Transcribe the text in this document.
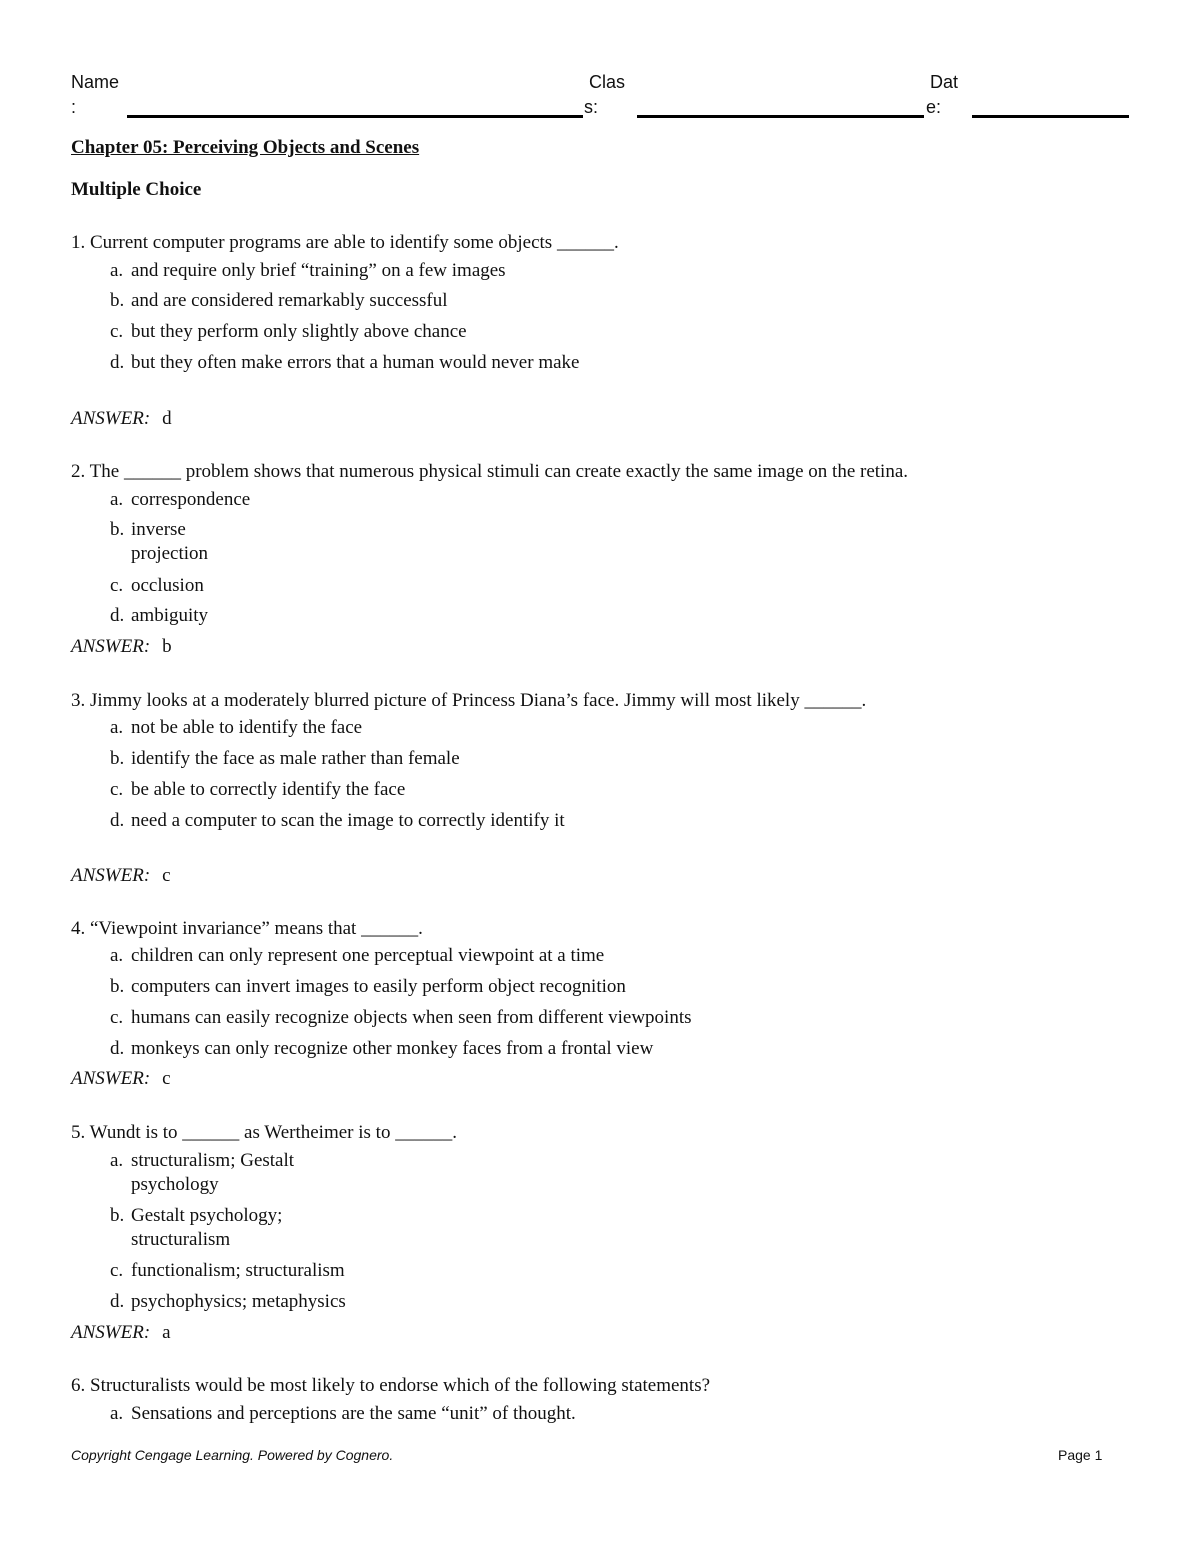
Name
:
Clas
s:
Dat
e:
Chapter 05: Perceiving Objects and Scenes
Multiple Choice
1. Current computer programs are able to identify some objects ______.
a. and require only brief “training” on a few images
b. and are considered remarkably successful
c. but they perform only slightly above chance
d. but they often make errors that a human would never make
ANSWER: d
2. The ______ problem shows that numerous physical stimuli can create exactly the same image on the retina.
a. correspondence
b. inverse projection
c. occlusion
d. ambiguity
ANSWER: b
3. Jimmy looks at a moderately blurred picture of Princess Diana’s face. Jimmy will most likely ______.
a. not be able to identify the face
b. identify the face as male rather than female
c. be able to correctly identify the face
d. need a computer to scan the image to correctly identify it
ANSWER: c
4. “Viewpoint invariance” means that ______.
a. children can only represent one perceptual viewpoint at a time
b. computers can invert images to easily perform object recognition
c. humans can easily recognize objects when seen from different viewpoints
d. monkeys can only recognize other monkey faces from a frontal view
ANSWER: c
5. Wundt is to ______ as Wertheimer is to ______.
a. structuralism; Gestalt psychology
b. Gestalt psychology; structuralism
c. functionalism; structuralism
d. psychophysics; metaphysics
ANSWER: a
6. Structuralists would be most likely to endorse which of the following statements?
a. Sensations and perceptions are the same “unit” of thought.
Copyright Cengage Learning. Powered by Cognero.	Page 1
